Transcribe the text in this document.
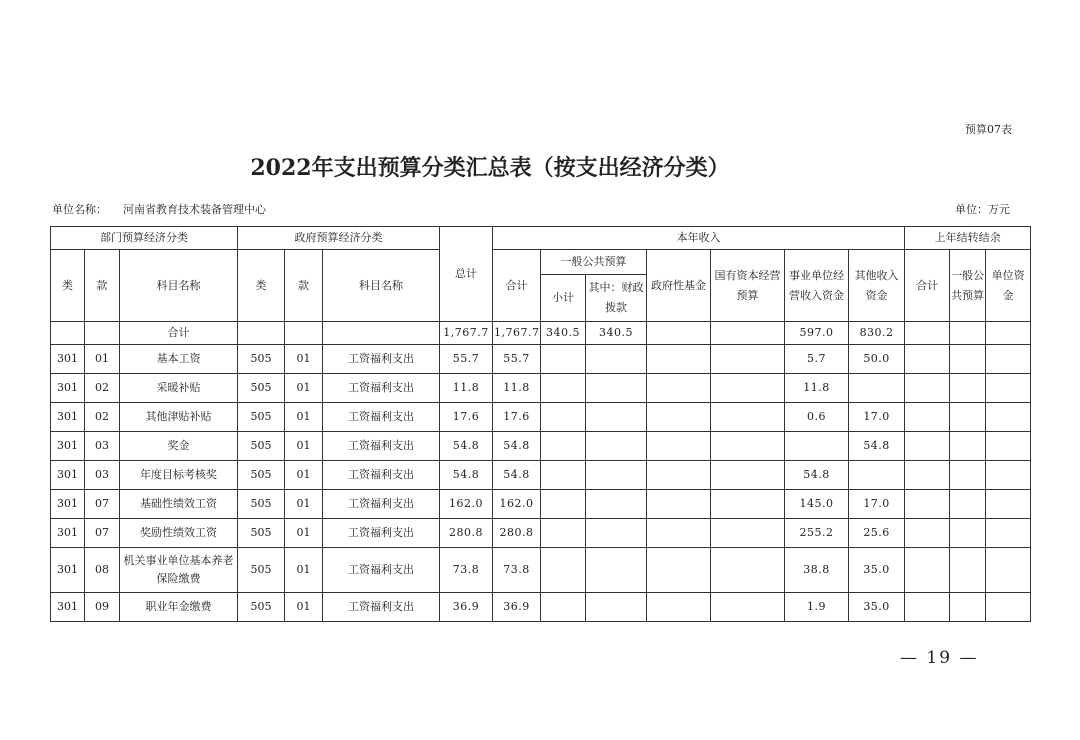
预算07表
2022年支出预算分类汇总表（按支出经济分类）
单位名称： 河南省教育技术装备管理中心	单位：万元
部门预算经济分类			政府预算经济分类			总计	本年收入							上年结转结余		
类	款	科目名称	类	款	科目名称		合计	一般公共预算		政府性基金	国有资本经营预算	事业单位经营收入资金	其他收入资金	合计	一般公共预算	单位资金
								小计	其中：财政拨款							
		合计				1,767.7	1,767.7	340.5	340.5			597.0	830.2			
301	01	基本工资	505	01	工资福利支出	55.7	55.7					5.7	50.0			
301	02	采暖补贴	505	01	工资福利支出	11.8	11.8					11.8				
301	02	其他津贴补贴	505	01	工资福利支出	17.6	17.6					0.6	17.0			
301	03	奖金	505	01	工资福利支出	54.8	54.8						54.8			
301	03	年度目标考核奖	505	01	工资福利支出	54.8	54.8					54.8				
301	07	基础性绩效工资	505	01	工资福利支出	162.0	162.0					145.0	17.0			
301	07	奖励性绩效工资	505	01	工资福利支出	280.8	280.8					255.2	25.6			
301	08	机关事业单位基本养老保险缴费	505	01	工资福利支出	73.8	73.8					38.8	35.0			
301	09	职业年金缴费	505	01	工资福利支出	36.9	36.9					1.9	35.0			
— 19 —
